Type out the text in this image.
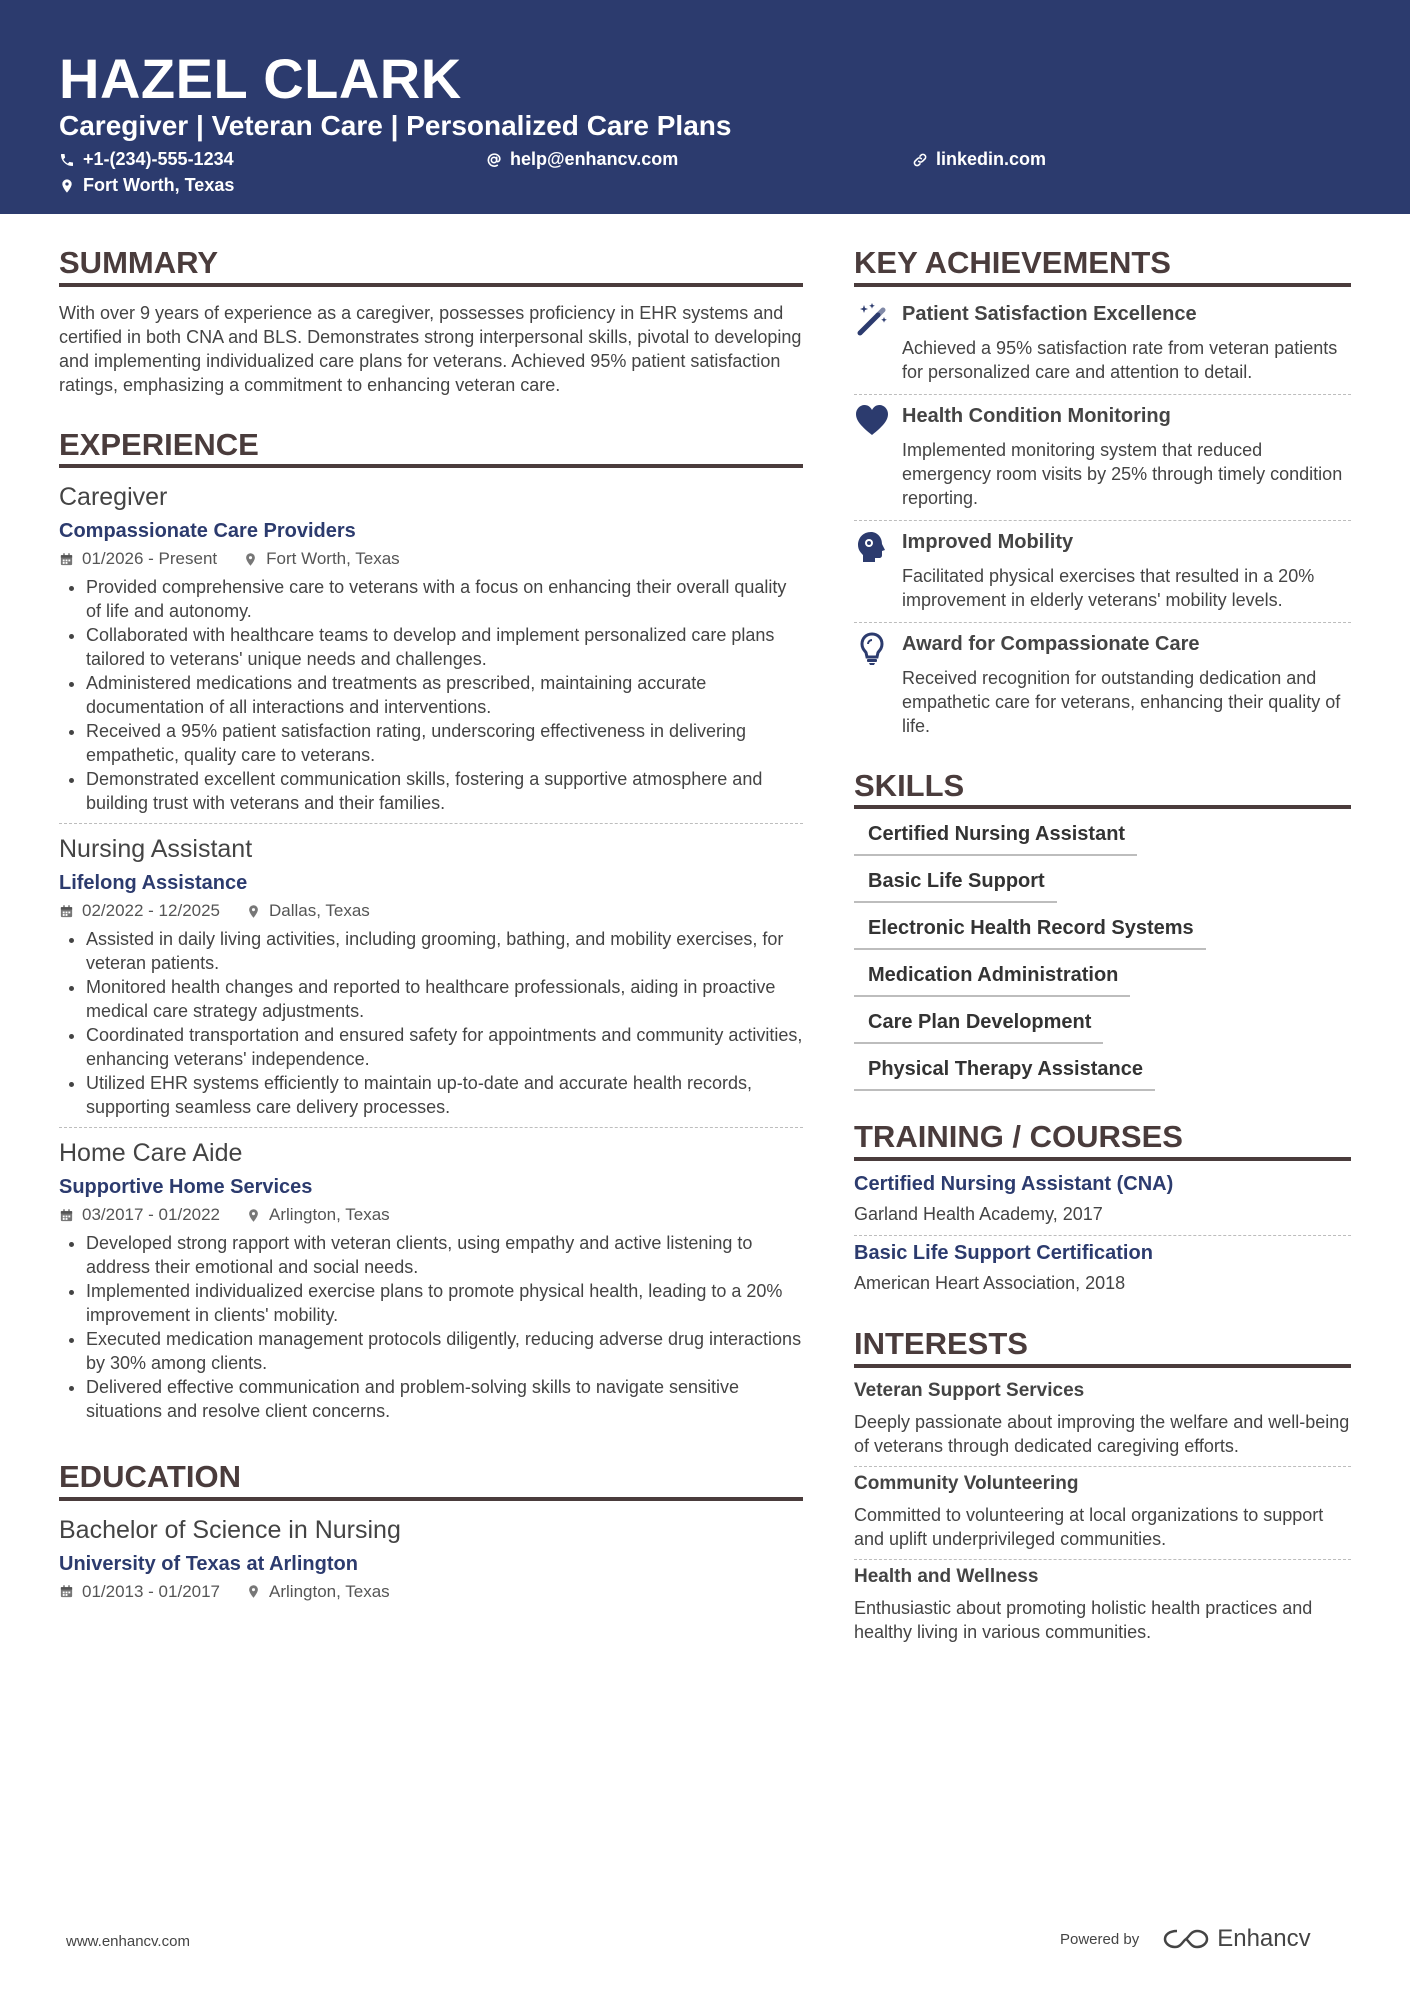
HAZEL CLARK
Caregiver | Veteran Care | Personalized Care Plans
+1-(234)-555-1234	help@enhancv.com	linkedin.com
Fort Worth, Texas
SUMMARY
With over 9 years of experience as a caregiver, possesses proficiency in EHR systems and certified in both CNA and BLS. Demonstrates strong interpersonal skills, pivotal to developing and implementing individualized care plans for veterans. Achieved 95% patient satisfaction ratings, emphasizing a commitment to enhancing veteran care.
EXPERIENCE
Caregiver
Compassionate Care Providers
01/2026 - Present	Fort Worth, Texas
• Provided comprehensive care to veterans with a focus on enhancing their overall quality of life and autonomy.
• Collaborated with healthcare teams to develop and implement personalized care plans tailored to veterans' unique needs and challenges.
• Administered medications and treatments as prescribed, maintaining accurate documentation of all interactions and interventions.
• Received a 95% patient satisfaction rating, underscoring effectiveness in delivering empathetic, quality care to veterans.
• Demonstrated excellent communication skills, fostering a supportive atmosphere and building trust with veterans and their families.
Nursing Assistant
Lifelong Assistance
02/2022 - 12/2025	Dallas, Texas
• Assisted in daily living activities, including grooming, bathing, and mobility exercises, for veteran patients.
• Monitored health changes and reported to healthcare professionals, aiding in proactive medical care strategy adjustments.
• Coordinated transportation and ensured safety for appointments and community activities, enhancing veterans' independence.
• Utilized EHR systems efficiently to maintain up-to-date and accurate health records, supporting seamless care delivery processes.
Home Care Aide
Supportive Home Services
03/2017 - 01/2022	Arlington, Texas
• Developed strong rapport with veteran clients, using empathy and active listening to address their emotional and social needs.
• Implemented individualized exercise plans to promote physical health, leading to a 20% improvement in clients' mobility.
• Executed medication management protocols diligently, reducing adverse drug interactions by 30% among clients.
• Delivered effective communication and problem-solving skills to navigate sensitive situations and resolve client concerns.
EDUCATION
Bachelor of Science in Nursing
University of Texas at Arlington
01/2013 - 01/2017	Arlington, Texas
KEY ACHIEVEMENTS
Patient Satisfaction Excellence
Achieved a 95% satisfaction rate from veteran patients for personalized care and attention to detail.
Health Condition Monitoring
Implemented monitoring system that reduced emergency room visits by 25% through timely condition reporting.
Improved Mobility
Facilitated physical exercises that resulted in a 20% improvement in elderly veterans' mobility levels.
Award for Compassionate Care
Received recognition for outstanding dedication and empathetic care for veterans, enhancing their quality of life.
SKILLS
Certified Nursing Assistant
Basic Life Support
Electronic Health Record Systems
Medication Administration
Care Plan Development
Physical Therapy Assistance
TRAINING / COURSES
Certified Nursing Assistant (CNA)
Garland Health Academy, 2017
Basic Life Support Certification
American Heart Association, 2018
INTERESTS
Veteran Support Services
Deeply passionate about improving the welfare and well-being of veterans through dedicated caregiving efforts.
Community Volunteering
Committed to volunteering at local organizations to support and uplift underprivileged communities.
Health and Wellness
Enthusiastic about promoting holistic health practices and healthy living in various communities.
www.enhancv.com	Powered by	Enhancv
